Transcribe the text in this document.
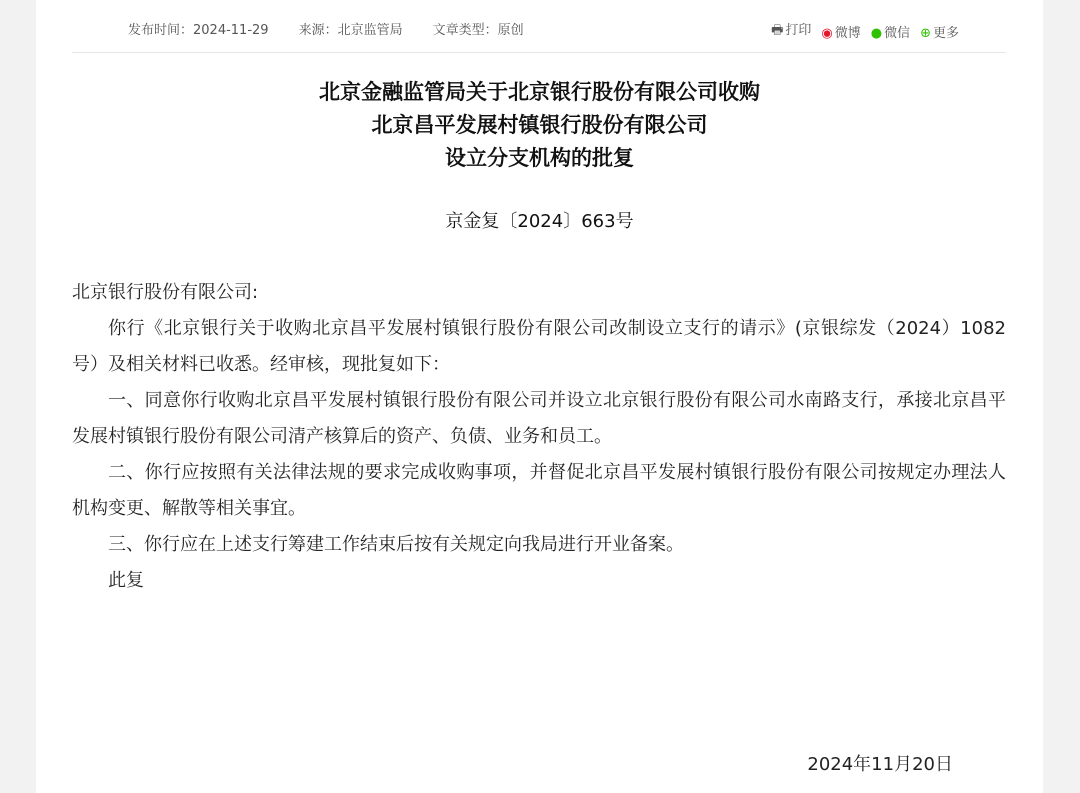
发布时间：2024-11-29 来源：北京监管局 文章类型：原创	🖶 打印 ◉ 微博 ● 微信 ⊕ 更多
北京金融监管局关于北京银行股份有限公司收购
北京昌平发展村镇银行股份有限公司
设立分支机构的批复
京金复〔2024〕663号

北京银行股份有限公司:

你行《北京银行关于收购北京昌平发展村镇银行股份有限公司改制设立支行的请示》(京银综发（2024）1082号）及相关材料已收悉。经审核，现批复如下：

一、同意你行收购北京昌平发展村镇银行股份有限公司并设立北京银行股份有限公司水南路支行，承接北京昌平发展村镇银行股份有限公司清产核算后的资产、负债、业务和员工。

二、你行应按照有关法律法规的要求完成收购事项，并督促北京昌平发展村镇银行股份有限公司按规定办理法人机构变更、解散等相关事宜。

三、你行应在上述支行筹建工作结束后按有关规定向我局进行开业备案。

此复

2024年11月20日
